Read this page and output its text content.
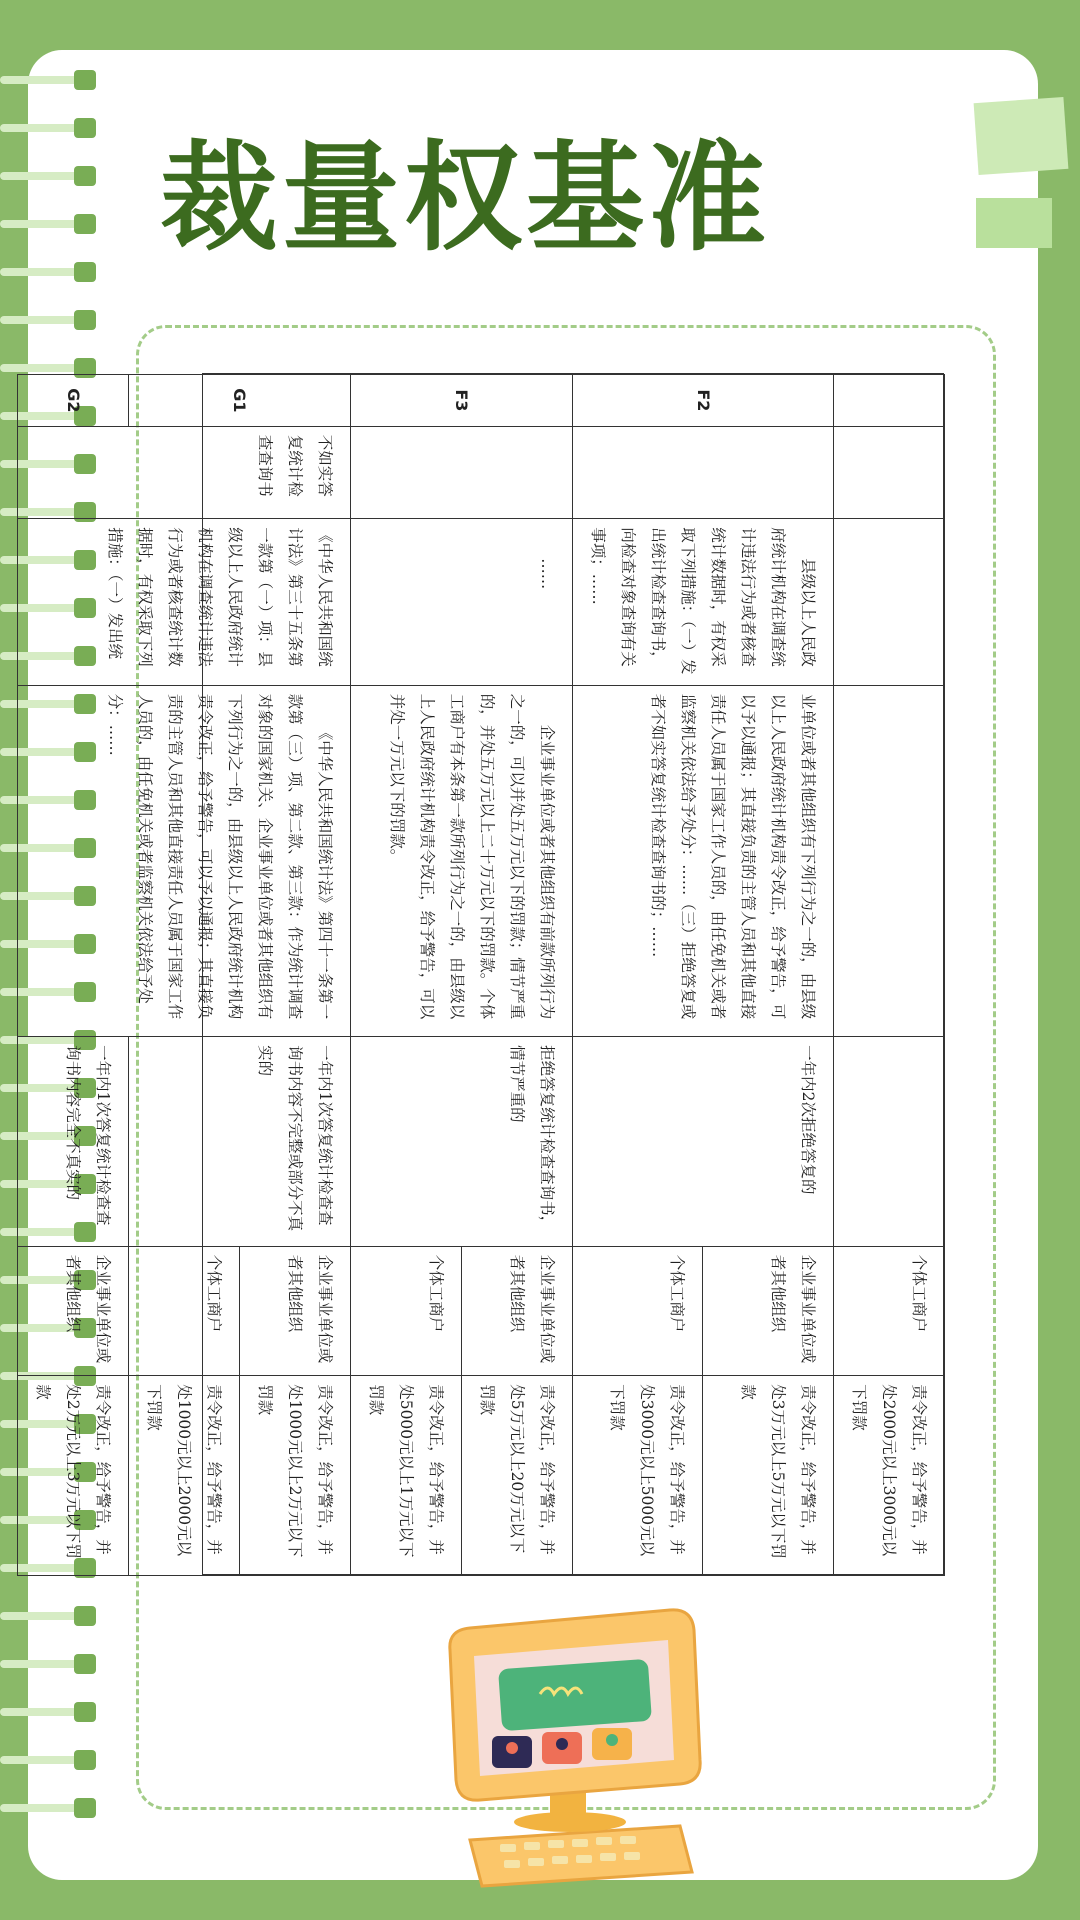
裁量权基准
					个体工商户	责令改正，给予警告，并处2000元以上3000元以下罚款
F2		县级以上人民政府统计机构在调查统计违法行为或者核查统计数据时，有权采取下列措施：（一）发出统计检查查询书，向检查对象查询有关事项；……	业单位或者其他组织有下列行为之一的，由县级以上人民政府统计机构责令改正，给予警告，可以予以通报；其直接负责的主管人员和其他直接责任人员属于国家工作人员的，由任免机关或者监察机关依法给予处分：……（三）拒绝答复或者不如实答复统计检查查询书的；……	一年内2次拒绝答复的	企业事业单位或者其他组织	责令改正，给予警告，并处3万元以上5万元以下罚款
					个体工商户	责令改正，给予警告，并处3000元以上5000元以下罚款
F3		……	企业事业单位或者其他组织有前款所列行为之一的，可以并处五万元以下的罚款；情节严重的，并处五万元以上二十万元以下的罚款。个体工商户有本条第一款所列行为之一的，由县级以上人民政府统计机构责令改正，给予警告，可以并处一万元以下的罚款。	拒绝答复统计检查查询书，情节严重的	企业事业单位或者其他组织	责令改正，给予警告，并处5万元以上20万元以下罚款
					个体工商户	责令改正，给予警告，并处5000元以上1万元以下罚款
G1	不如实答复统计检查查询书	《中华人民共和国统计法》第三十五条第一款第（一）项：县级以上人民政府统计机构在调查统计违法行为或者核查统计数据时，有权采取下列措施：（一）发出统	《中华人民共和国统计法》第四十一条第一款第（三）项、第二款、第三款：作为统计调查对象的国家机关、企业事业单位或者其他组织有下列行为之一的，由县级以上人民政府统计机构责令改正，给予警告，可以予以通报；其直接负责的主管人员和其他直接责任人员属于国家工作人员的，由任免机关或者监察机关依法给予处分：……	一年内1次答复统计检查查询书内容不完整或部分不真实的	企业事业单位或者其他组织	责令改正，给予警告，并处1000元以上2万元以下罚款
					个体工商户	责令改正，给予警告，并处1000元以上2000元以下罚款
G2				一年内1次答复统计检查查询书内容完全不真实的	企业事业单位或者其他组织	责令改正，给予警告，并处2万元以上3万元以下罚款
